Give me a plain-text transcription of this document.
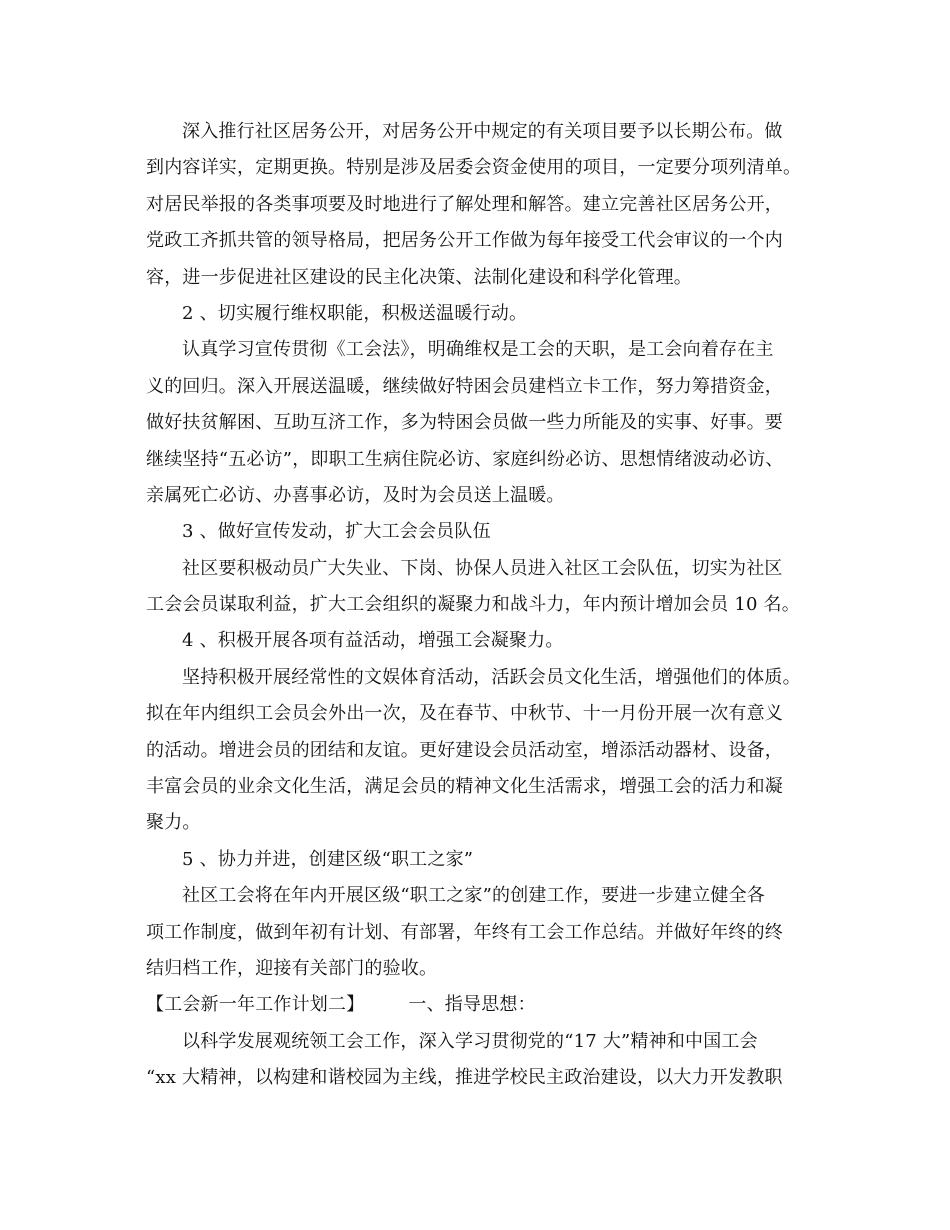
深入推行社区居务公开，对居务公开中规定的有关项目要予以长期公布。做
到内容详实，定期更换。特别是涉及居委会资金使用的项目，一定要分项列清单。
对居民举报的各类事项要及时地进行了解处理和解答。建立完善社区居务公开，
党政工齐抓共管的领导格局，把居务公开工作做为每年接受工代会审议的一个内
容，进一步促进社区建设的民主化决策、法制化建设和科学化管理。
2 、切实履行维权职能，积极送温暖行动。
认真学习宣传贯彻《工会法》，明确维权是工会的天职，是工会向着存在主
义的回归。深入开展送温暖，继续做好特困会员建档立卡工作，努力筹措资金，
做好扶贫解困、互助互济工作，多为特困会员做一些力所能及的实事、好事。要
继续坚持“五必访”，即职工生病住院必访、家庭纠纷必访、思想情绪波动必访、
亲属死亡必访、办喜事必访，及时为会员送上温暖。
3 、做好宣传发动，扩大工会会员队伍
社区要积极动员广大失业、下岗、协保人员进入社区工会队伍，切实为社区
工会会员谋取利益，扩大工会组织的凝聚力和战斗力，年内预计增加会员 10 名。
4 、积极开展各项有益活动，增强工会凝聚力。
坚持积极开展经常性的文娱体育活动，活跃会员文化生活，增强他们的体质。
拟在年内组织工会员会外出一次，及在春节、中秋节、十一月份开展一次有意义
的活动。增进会员的团结和友谊。更好建设会员活动室，增添活动器材、设备，
丰富会员的业余文化生活，满足会员的精神文化生活需求，增强工会的活力和凝
聚力。
5 、协力并进，创建区级“职工之家”
社区工会将在年内开展区级“职工之家”的创建工作，要进一步建立健全各
项工作制度，做到年初有计划、有部署，年终有工会工作总结。并做好年终的终
结归档工作，迎接有关部门的验收。
【工会新一年工作计划二】 一、指导思想：
以科学发展观统领工会工作，深入学习贯彻党的“17 大”精神和中国工会
“xx 大精神，以构建和谐校园为主线，推进学校民主政治建设，以大力开发教职
